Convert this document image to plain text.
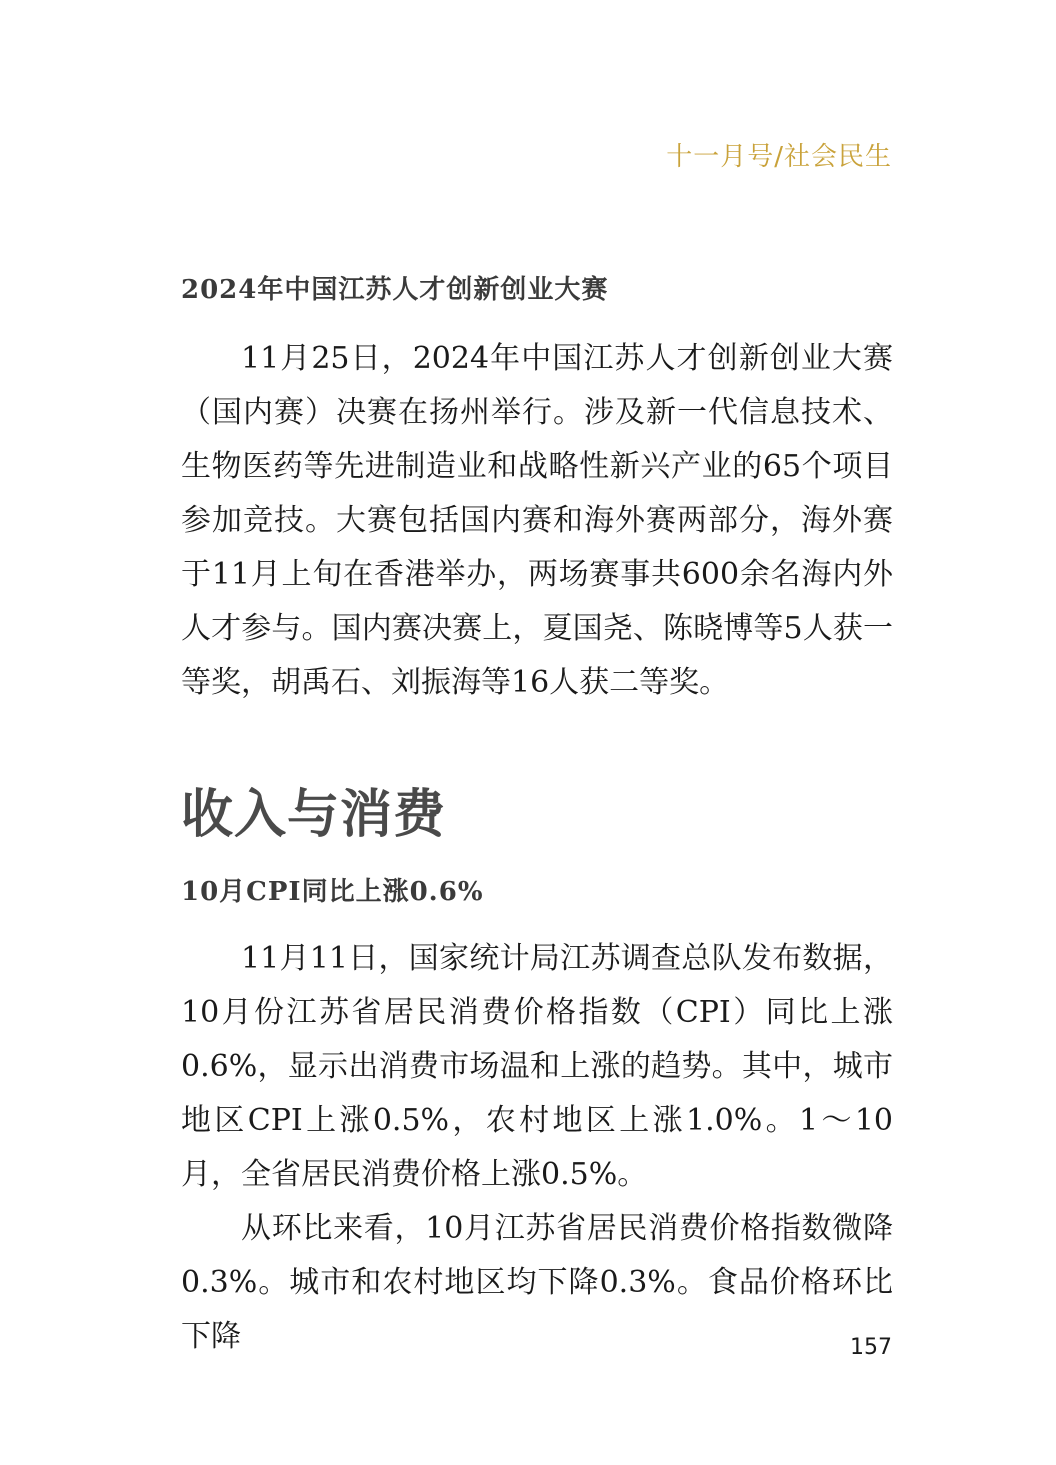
十一月号/社会民生
2024年中国江苏人才创新创业大赛

11月25日，2024年中国江苏人才创新创业大赛（国内赛）决赛在扬州举行。涉及新一代信息技术、生物医药等先进制造业和战略性新兴产业的65个项目参加竞技。大赛包括国内赛和海外赛两部分，海外赛于11月上旬在香港举办，两场赛事共600余名海内外人才参与。国内赛决赛上，夏国尧、陈晓博等5人获一等奖，胡禹石、刘振海等16人获二等奖。

收入与消费
10月CPI同比上涨0.6%

11月11日，国家统计局江苏调查总队发布数据，10月份江苏省居民消费价格指数（CPI）同比上涨0.6%，显示出消费市场温和上涨的趋势。其中，城市地区CPI上涨0.5%，农村地区上涨1.0%。1～10月，全省居民消费价格上涨0.5%。

从环比来看，10月江苏省居民消费价格指数微降0.3%。城市和农村地区均下降0.3%。食品价格环比下降	157
